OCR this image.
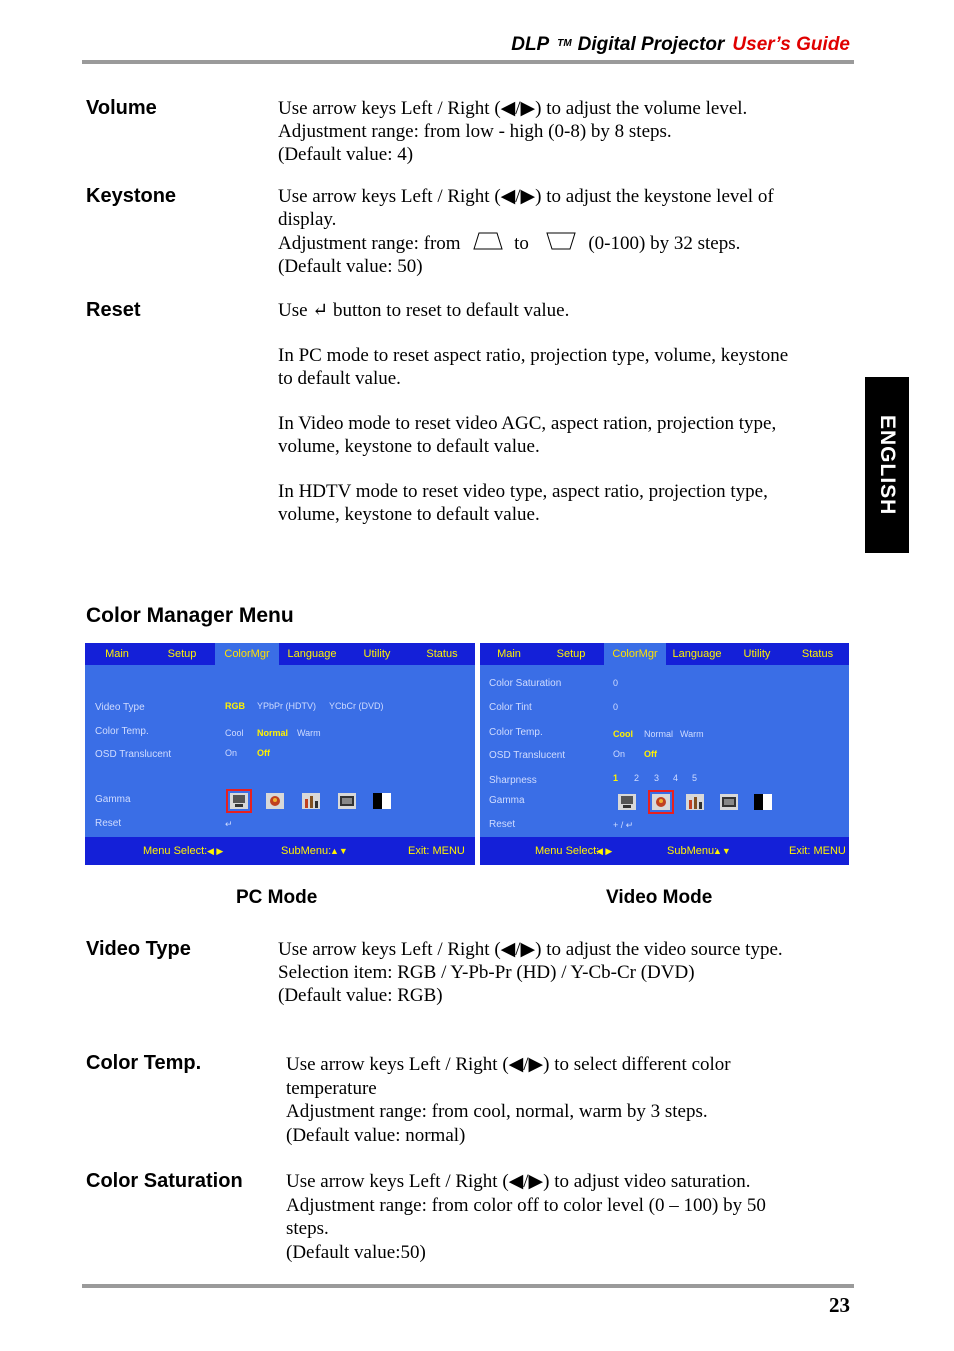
DLP ™ Digital Projector User’s Guide
ENGLISH
Volume	Use arrow keys Left / Right (◀/▶) to adjust the volume level.

Adjustment range: from low - high (0-8) by 8 steps.

(Default value: 4)

Keystone	Use arrow keys Left / Right (◀/▶) to adjust the keystone level of

display.

Adjustment range: from	to	(0-100) by 32 steps.

(Default value: 50)

Reset	Use ↵ button to reset to default value.

In PC mode to reset aspect ratio, projection type, volume, keystone

to default value.

In Video mode to reset video AGC, aspect ration, projection type,

volume, keystone to default value.

In HDTV mode to reset video type, aspect ratio, projection type,

volume, keystone to default value.

Color Manager Menu
Main	Setup	ColorMgr	Language	Utility	Status
Video Type	RGB YPbPr (HDTV) YCbCr (DVD)
Color Temp.	Cool Normal Warm
OSD Translucent	On Off
Gamma
Reset	↵
Menu Select: ◀ ▶	SubMenu:
▲▼	Exit: MENU
Main	Setup	ColorMgr	Language	Utility	Status
Color Saturation	0
Color Tint	0
Color Temp.	Cool Normal Warm
OSD Translucent	On Off
Sharpness	1 2 3 4 5
Gamma
Reset	+ / ↵
Menu Select:
◀ ▶	SubMenu:
▲▼	Exit: MENU
PC Mode	Video Mode
Video Type	Use arrow keys Left / Right (◀/▶) to adjust the video source type.

Selection item: RGB / Y-Pb-Pr (HD) / Y-Cb-Cr (DVD)

(Default value: RGB)

Color Temp.	Use arrow keys Left / Right (◀/▶) to select different color

temperature

Adjustment range: from cool, normal, warm by 3 steps.

(Default value: normal)

Color Saturation Use arrow keys Left / Right (◀/▶) to adjust video saturation.

Adjustment range: from color off to color level (0 – 100) by 50

steps.

(Default value:50)

23
